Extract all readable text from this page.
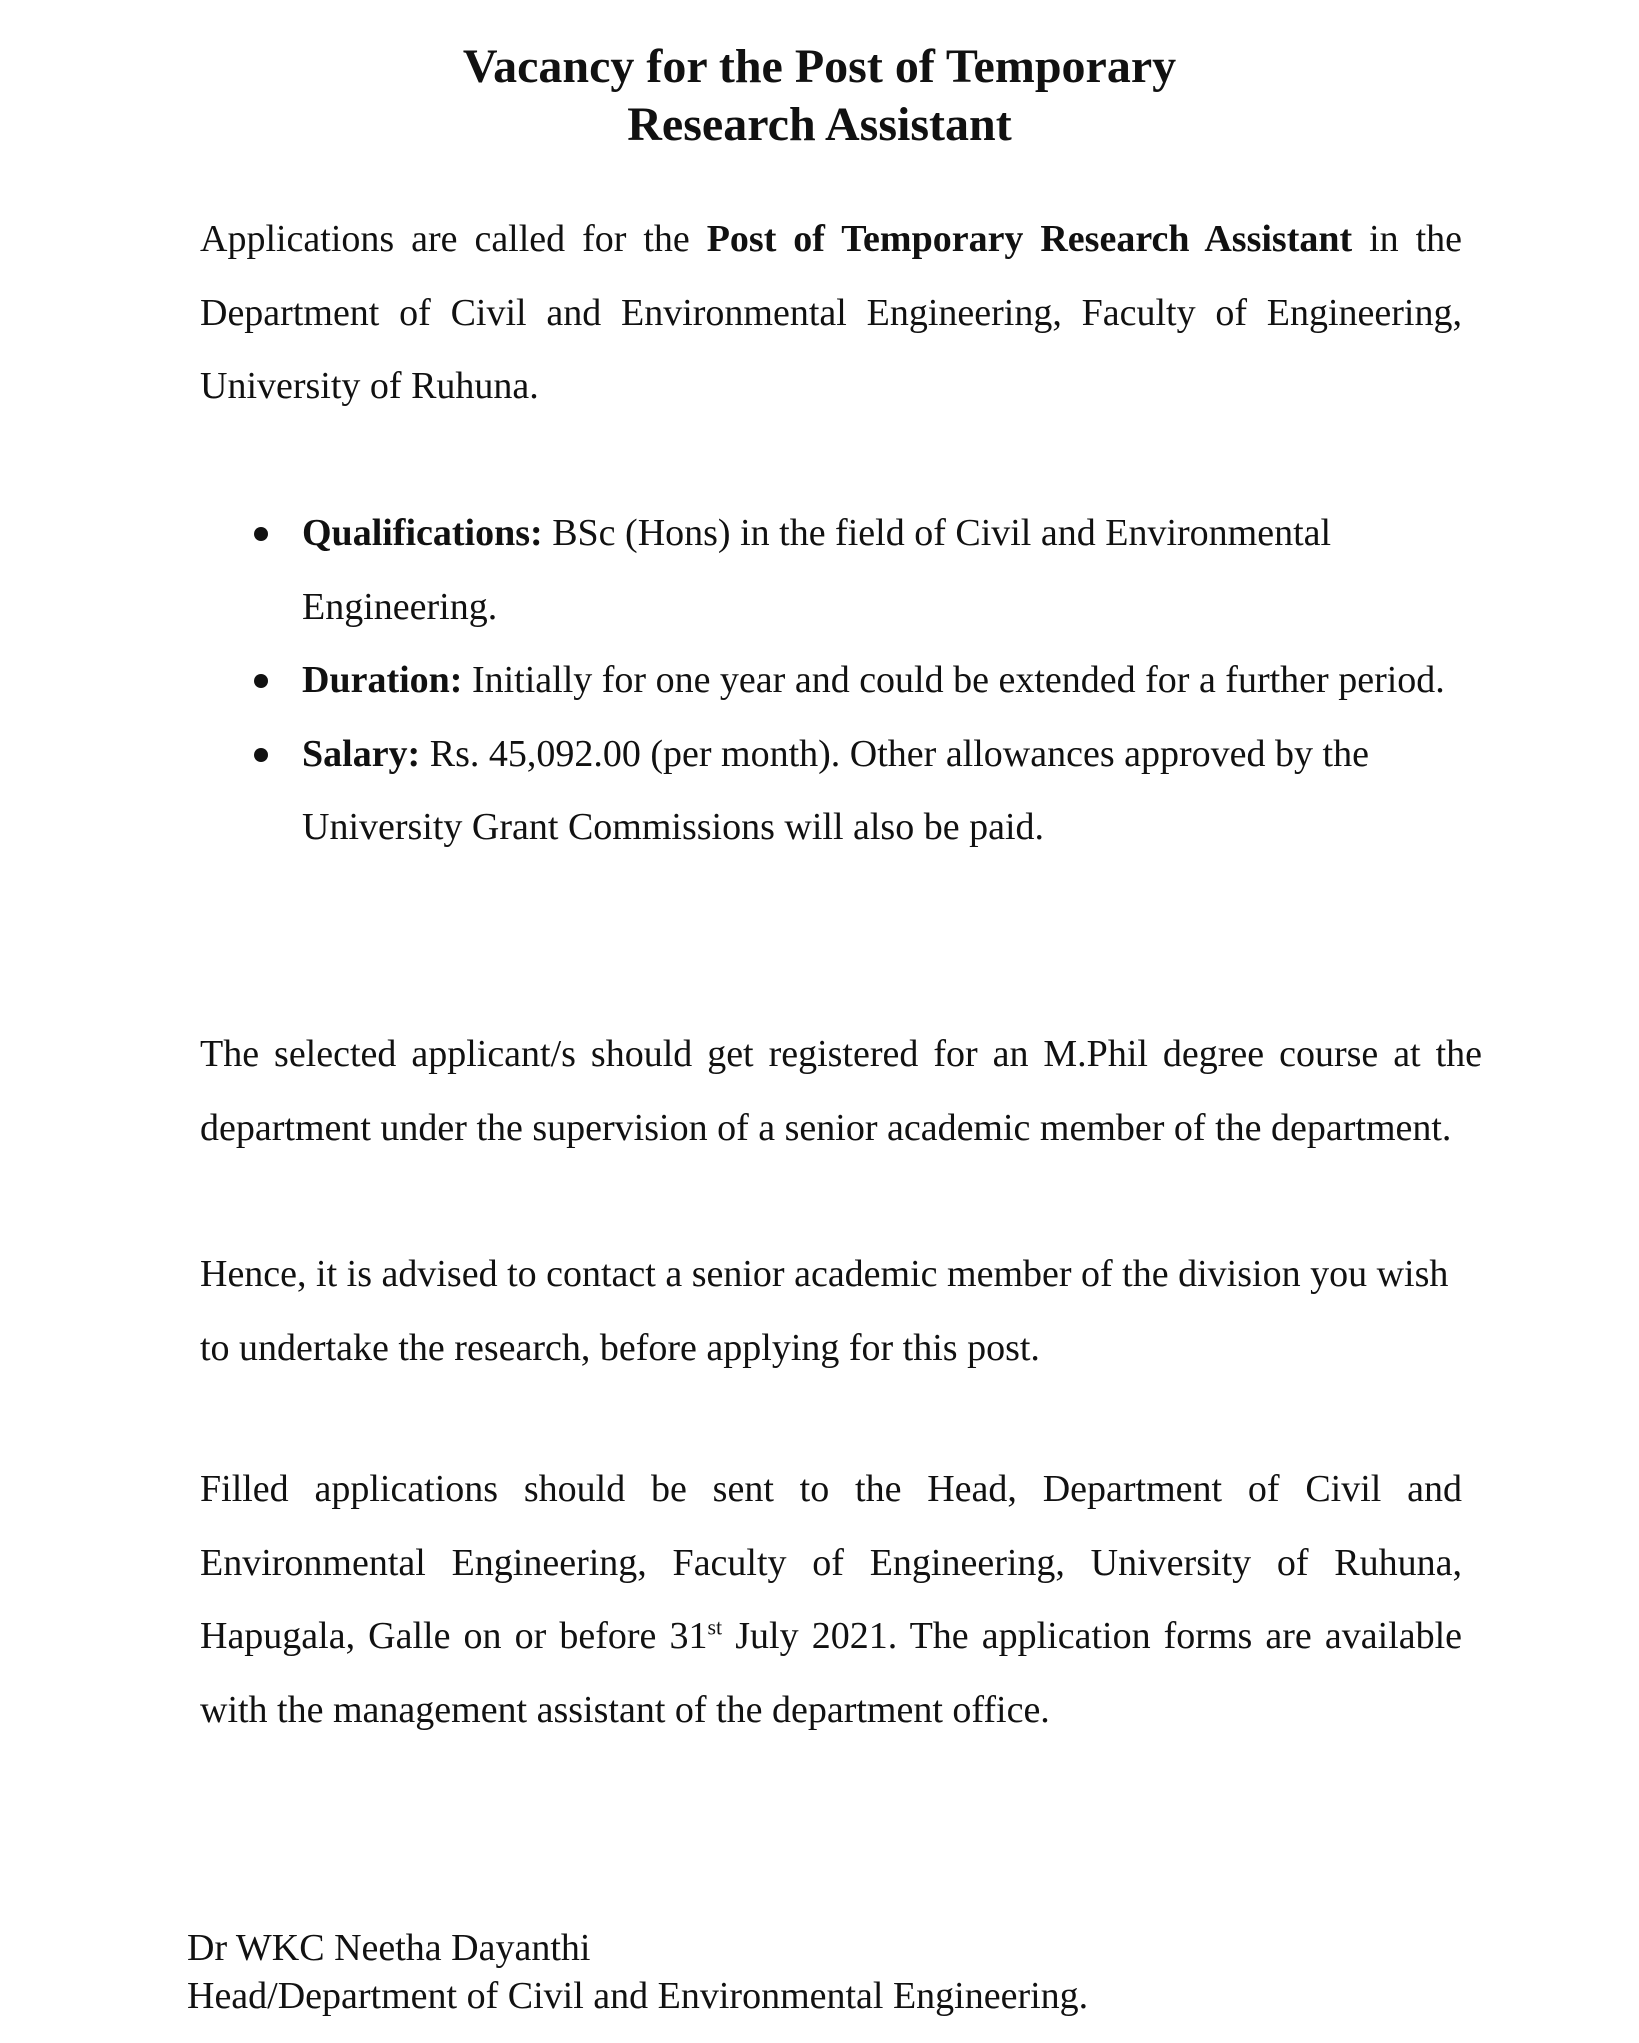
Vacancy for the Post of Temporary
Research Assistant
Applications are called for the Post of Temporary Research Assistant in the Department of Civil and Environmental Engineering, Faculty of Engineering, University of Ruhuna.
Qualifications: BSc (Hons) in the field of Civil and Environmental Engineering.
Duration: Initially for one year and could be extended for a further period.
Salary: Rs. 45,092.00 (per month). Other allowances approved by the University Grant Commissions will also be paid.
The selected applicant/s should get registered for an M.Phil degree course at the department under the supervision of a senior academic member of the department.
Hence, it is advised to contact a senior academic member of the division you wish to undertake the research, before applying for this post.
Filled applications should be sent to the Head, Department of Civil and Environmental Engineering, Faculty of Engineering, University of Ruhuna, Hapugala, Galle on or before 31st July 2021. The application forms are available with the management assistant of the department office.
Dr WKC Neetha Dayanthi
Head/Department of Civil and Environmental Engineering.
